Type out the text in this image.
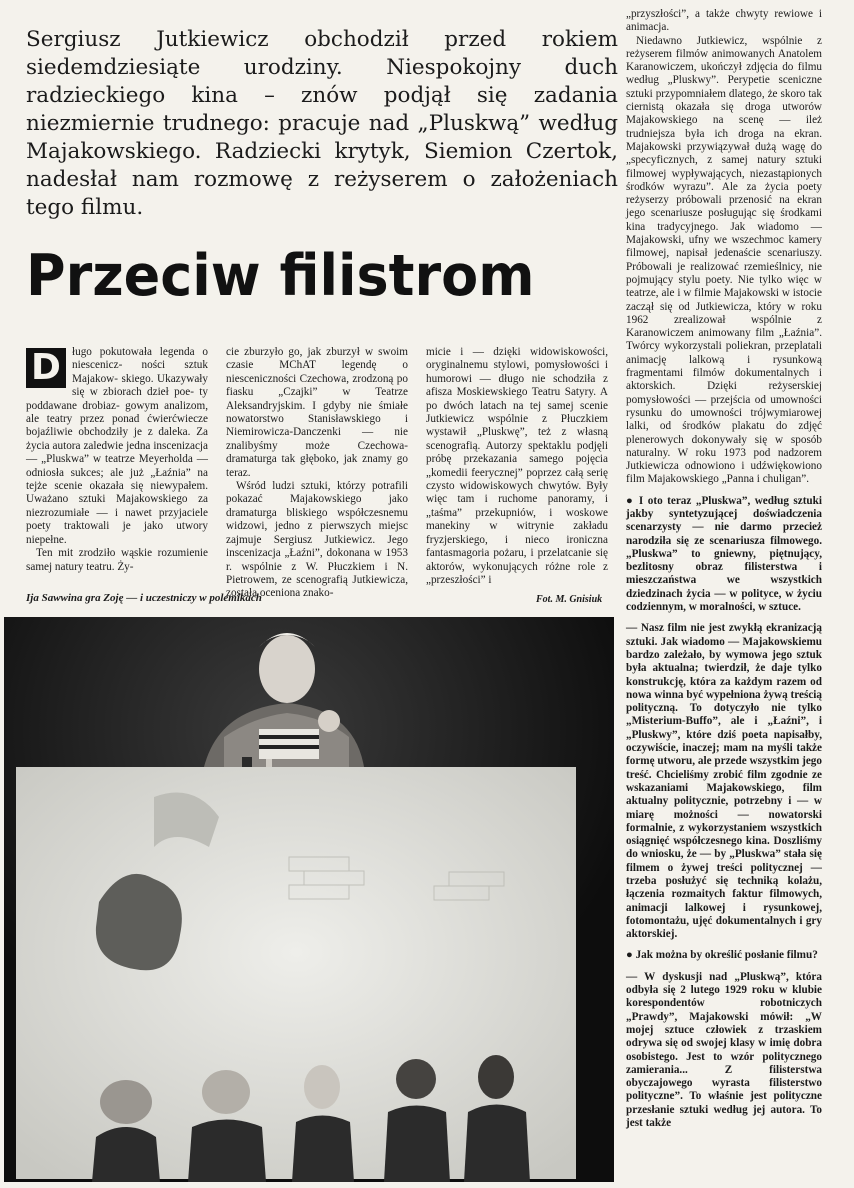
Sergiusz Jutkiewicz obchodził przed rokiem siedemdziesiąte urodziny. Niespokojny duch radzieckiego kina – znów podjął się zadania niezmiernie trudnego: pracuje nad „Pluskwą” według Majakowskiego. Radziecki krytyk, Siemion Czertok, nadesłał nam rozmowę z reżyserem o założeniach tego filmu.
Przeciw filistrom
D ługo pokutowała legenda o niescenicz- ności sztuk Majakow- skiego. Ukazywały się w zbiorach dzieł poe- ty poddawane drobiaz- gowym analizom, ale teatry przez ponad ćwierćwiecze bojaźliwie obchodziły je z daleka. Za życia autora zaledwie jedna inscenizacja — „Pluskwa” w teatrze Meyerholda — odniosła sukces; ale już „Łaźnia” na tejże scenie okazała się niewypałem. Uważano sztuki Majakowskiego za niezrozumiałe — i nawet przyjaciele poety traktowali je jako utwory niepełne.

Ten mit zrodziło wąskie rozumienie samej natury teatru. Ży-

cie zburzyło go, jak zburzył w swoim czasie MChAT legendę o niesceniczności Czechowa, zrodzoną po fiasku „Czajki” w Teatrze Aleksandryjskim. I gdyby nie śmiałe nowatorstwo Stanisławskiego i Niemirowicza-Danczenki — nie znalibyśmy może Czechowa-dramaturga tak głęboko, jak znamy go teraz.

Wśród ludzi sztuki, którzy potrafili pokazać Majakowskiego jako dramaturga bliskiego współczesnemu widzowi, jedno z pierwszych miejsc zajmuje Sergiusz Jutkiewicz. Jego inscenizacja „Łaźni”, dokonana w 1953 r. wspólnie z W. Płuczkiem i N. Pietrowem, ze scenografią Jutkiewicza, została oceniona znako-

micie i — dzięki widowiskowości, oryginalnemu stylowi, pomysłowości i humorowi — długo nie schodziła z afisza Moskiewskiego Teatru Satyry. A po dwóch latach na tej samej scenie Jutkiewicz wspólnie z Płuczkiem wystawił „Pluskwę”, też z własną scenografią. Autorzy spektaklu podjęli próbę przekazania samego pojęcia „komedii feerycznej” poprzez całą serię czysto widowiskowych chwytów. Były więc tam i ruchome panoramy, i „taśma” przekupniów, i woskowe manekiny w witrynie zakładu fryzjerskiego, i nieco ironiczna fantasmagoria pożaru, i przelatcanie się aktorów, wykonujących różne role z „przeszłości” i

Ija Sawwina gra Zoję — i uczestniczy w polemikach	Fot. M. Gnisiuk

„przyszłości”, a także chwyty rewiowe i animacja.

Niedawno Jutkiewicz, wspólnie z reżyserem filmów animowanych Anatolem Karanowiczem, ukończył zdjęcia do filmu według „Pluskwy”. Perypetie sceniczne sztuki przypomniałem dlatego, że skoro tak ciernistą okazała się droga utworów Majakowskiego na scenę — ileż trudniejsza była ich droga na ekran. Majakowski przywiązywał dużą wagę do „specyficznych, z samej natury sztuki filmowej wypływających, niezastąpionych środków wyrazu”. Ale za życia poety reżyserzy próbowali przenosić na ekran jego scenariusze posługując się środkami kina tradycyjnego. Jak wiadomo — Majakowski, ufny we wszechmoc kamery filmowej, napisał jedenaście scenariuszy. Próbowali je realizować rzemieślnicy, nie pojmujący stylu poety. Nie tylko więc w teatrze, ale i w filmie Majakowski w istocie zaczął się od Jutkiewicza, który w roku 1962 zrealizował wspólnie z Karanowiczem animowany film „Łaźnia”. Twórcy wykorzystali poliekran, przeplatali animację lalkową i rysunkową fragmentami filmów dokumentalnych i aktorskich. Dzięki reżyserskiej pomysłowości — przejścia od umowności rysunku do umowności trójwymiarowej lalki, od środków plakatu do zdjęć plenerowych dokonywały się w sposób naturalny. W roku 1973 pod nadzorem Jutkiewicza odnowiono i udźwiękowiono film Majakowskiego „Panna i chuligan”.

● I oto teraz „Pluskwa”, według sztuki jakby syntetyzującej doświadczenia scenarzysty — nie darmo przecież narodziła się ze scenariusza filmowego. „Pluskwa” to gniewny, piętnujący, bezlitosny obraz filisterstwa i mieszczaństwa we wszystkich dziedzinach życia — w polityce, w życiu codziennym, w moralności, w sztuce.

— Nasz film nie jest zwykłą ekranizacją sztuki. Jak wiadomo — Majakowskiemu bardzo zależało, by wymowa jego sztuk była aktualna; twierdził, że daje tylko konstrukcję, która za każdym razem od nowa winna być wypełniona żywą treścią polityczną. To dotyczyło nie tylko „Misterium-Buffo”, ale i „Łaźni”, i „Pluskwy”, które dziś poeta napisałby, oczywiście, inaczej; mam na myśli także formę utworu, ale przede wszystkim jego treść. Chcieliśmy zrobić film zgodnie ze wskazaniami Majakowskiego, film aktualny politycznie, potrzebny i — w miarę możności — nowatorski formalnie, z wykorzystaniem wszystkich osiągnięć współczesnego kina. Doszliśmy do wniosku, że — by „Pluskwa” stała się filmem o żywej treści politycznej — trzeba posłużyć się techniką kolażu, łączenia rozmaitych faktur filmowych, animacji lalkowej i rysunkowej, fotomontażu, ujęć dokumentalnych i gry aktorskiej.

● Jak można by określić posłanie filmu?

— W dyskusji nad „Pluskwą”, która odbyła się 2 lutego 1929 roku w klubie korespondentów robotniczych „Prawdy”, Majakowski mówił: „W mojej sztuce człowiek z trzaskiem odrywa się od swojej klasy w imię dobra osobistego. Jest to wzór politycznego zamierania... Z filisterstwa obyczajowego wyrasta filisterstwo polityczne”. To właśnie jest polityczne przesłanie sztuki według jej autora. To jest także
